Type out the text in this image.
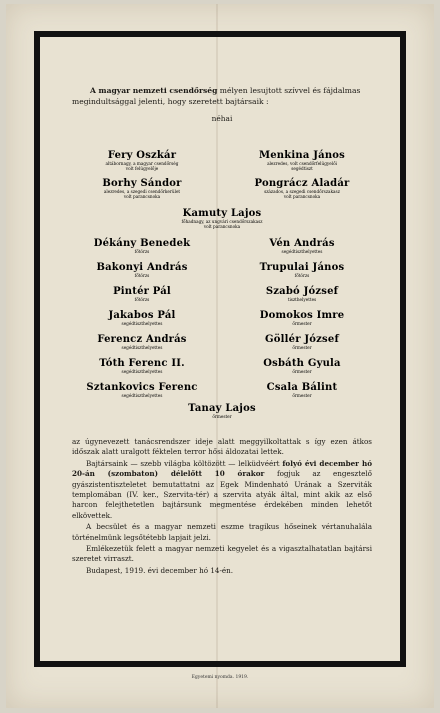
A magyar nemzeti csendőrség mélyen lesujtott szívvel és fájdalmas megindultsággal jelenti, hogy szeretett bajtársaik :

néhai
Fery Oszkár
altábornagy, a magyar csendőrség
volt felügyelője
Menkina János
alezredes, volt csendőrfelügyelői
segédtiszt
Borhy Sándor
alezredes, a szegedi csendőrkerület
volt parancsnoka
Pongrácz Aladár
százados, a szegedi csendőrszakasz
volt parancsnoka
Kamuty Lajos
főhadnagy, az ungvári csendőrszakasz
volt parancsnoka
Dékány Benedek
főtörzs
Vén András
segédtiszthelyettes
Bakonyi András
főtörzs
Trupulai János
főtörzs
Pintér Pál
főtörzs
Szabó József
tiszthelyettes
Jakabos Pál
segédtiszthelyettes
Domokos Imre
őrmester
Ferencz András
segédtiszthelyettes
Göllér József
őrmester
Tóth Ferenc II.
segédtiszthelyettes
Osbáth Gyula
őrmester
Sztankovics Ferenc
segédtiszthelyettes
Csala Bálint
őrmester
Tanay Lajos
őrmester

az úgynevezett tanácsrendszer ideje alatt meggyilkoltattak s így ezen átkos időszak alatt uralgott féktelen terror hősi áldozatai lettek.

Bajtársaink — szebb világba költözött — lelküdvéért folyó évi december hó 20-án (szombaton) délelőtt 10 órakor fogjuk az engesztelő gyászistentiszteletet bemutattatni az Egek Mindenható Urának a Szerviták templomában (IV. ker., Szervita-tér) a szervita atyák által, mint akik az első harcon felejthetetlen bajtársunk megmentése érdekében minden lehetőt elkövettek.

A becsület és a magyar nemzeti eszme tragikus hőseinek vértanuhalála történelmünk legsőtétebb lapjait jelzi.

Emlékezetük felett a magyar nemzeti kegyelet és a vigasztalhatatlan bajtársi szeretet virraszt.

Budapest, 1919. évi december hó 14-én.

Egyetemi nyomda. 1919.
